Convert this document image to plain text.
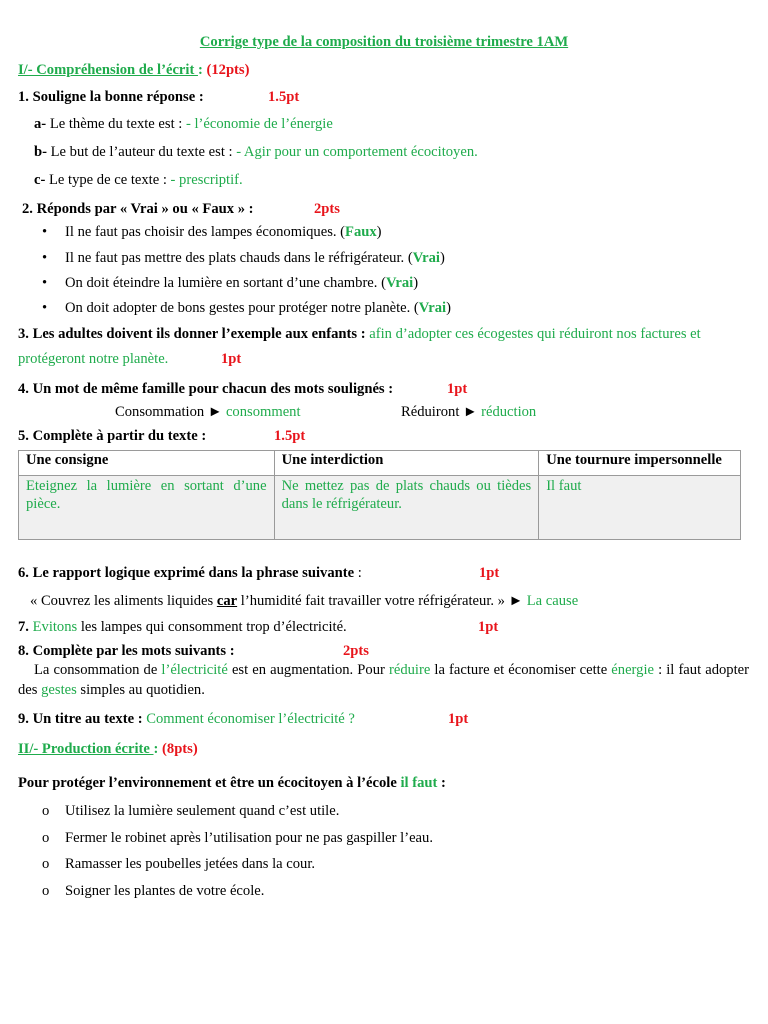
Corrige type de la composition du troisième trimestre 1AM
I/- Compréhension de l’écrit : (12pts)
1. Souligne la bonne réponse :	1.5pt
a- Le thème du texte est : - l’économie de l’énergie
b- Le but de l’auteur du texte est : - Agir pour un comportement écocitoyen.
c- Le type de ce texte : - prescriptif.
2. Réponds par « Vrai » ou « Faux » :	2pts
• Il ne faut pas choisir des lampes économiques. (Faux)
• Il ne faut pas mettre des plats chauds dans le réfrigérateur. (Vrai)
• On doit éteindre la lumière en sortant d’une chambre. (Vrai)
• On doit adopter de bons gestes pour protéger notre planète. (Vrai)
3. Les adultes doivent ils donner l’exemple aux enfants : afin d’adopter ces écogestes qui réduiront nos factures et
protégeront notre planète.	1pt
4. Un mot de même famille pour chacun des mots soulignés :	1pt
Consommation ► consomment	Réduiront ► réduction
5. Complète à partir du texte :	1.5pt
Une consigne	Une interdiction	Une tournure impersonnelle
Eteignez la lumière en sortant d’une pièce.	Ne mettez pas de plats chauds ou tièdes dans le réfrigérateur.	Il faut
6. Le rapport logique exprimé dans la phrase suivante :	1pt
« Couvrez les aliments liquides car l’humidité fait travailler votre réfrigérateur. » ► La cause
7. Evitons les lampes qui consomment trop d’électricité.	1pt
8. Complète par les mots suivants :	2pts
La consommation de l’électricité est en augmentation. Pour réduire la facture et économiser cette énergie : il faut adopter des gestes simples au quotidien.
9. Un titre au texte : Comment économiser l’électricité ?	1pt
II/- Production écrite : (8pts)
Pour protéger l’environnement et être un écocitoyen à l’école il faut :
o Utilisez la lumière seulement quand c’est utile.
o Fermer le robinet après l’utilisation pour ne pas gaspiller l’eau.
o Ramasser les poubelles jetées dans la cour.
o Soigner les plantes de votre école.
